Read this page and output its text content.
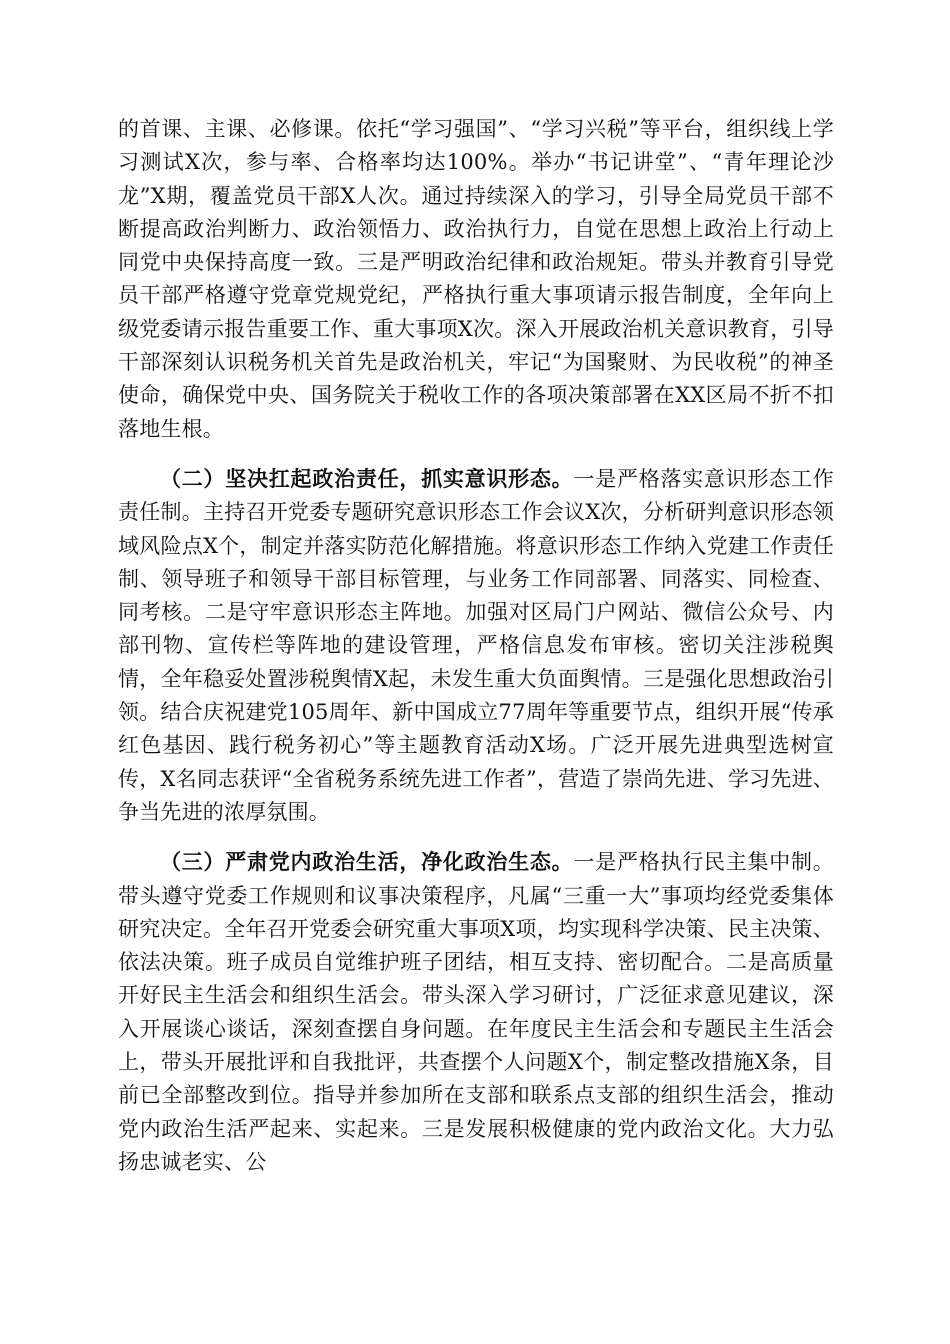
的首课、主课、必修课。依托“学习强国”、“学习兴税”等平台，组织线上学习测试X次，参与率、合格率均达100%。举办“书记讲堂”、“青年理论沙龙”X期，覆盖党员干部X人次。通过持续深入的学习，引导全局党员干部不断提高政治判断力、政治领悟力、政治执行力，自觉在思想上政治上行动上同党中央保持高度一致。三是严明政治纪律和政治规矩。带头并教育引导党员干部严格遵守党章党规党纪，严格执行重大事项请示报告制度，全年向上级党委请示报告重要工作、重大事项X次。深入开展政治机关意识教育，引导干部深刻认识税务机关首先是政治机关，牢记“为国聚财、为民收税”的神圣使命，确保党中央、国务院关于税收工作的各项决策部署在XX区局不折不扣落地生根。

（二）坚决扛起政治责任，抓实意识形态。一是严格落实意识形态工作责任制。主持召开党委专题研究意识形态工作会议X次，分析研判意识形态领域风险点X个，制定并落实防范化解措施。将意识形态工作纳入党建工作责任制、领导班子和领导干部目标管理，与业务工作同部署、同落实、同检查、同考核。二是守牢意识形态主阵地。加强对区局门户网站、微信公众号、内部刊物、宣传栏等阵地的建设管理，严格信息发布审核。密切关注涉税舆情，全年稳妥处置涉税舆情X起，未发生重大负面舆情。三是强化思想政治引领。结合庆祝建党105周年、新中国成立77周年等重要节点，组织开展“传承红色基因、践行税务初心”等主题教育活动X场。广泛开展先进典型选树宣传，X名同志获评“全省税务系统先进工作者”，营造了崇尚先进、学习先进、争当先进的浓厚氛围。

（三）严肃党内政治生活，净化政治生态。一是严格执行民主集中制。带头遵守党委工作规则和议事决策程序，凡属“三重一大”事项均经党委集体研究决定。全年召开党委会研究重大事项X项，均实现科学决策、民主决策、依法决策。班子成员自觉维护班子团结，相互支持、密切配合。二是高质量开好民主生活会和组织生活会。带头深入学习研讨，广泛征求意见建议，深入开展谈心谈话，深刻查摆自身问题。在年度民主生活会和专题民主生活会上，带头开展批评和自我批评，共查摆个人问题X个，制定整改措施X条，目前已全部整改到位。指导并参加所在支部和联系点支部的组织生活会，推动党内政治生活严起来、实起来。三是发展积极健康的党内政治文化。大力弘扬忠诚老实、公
